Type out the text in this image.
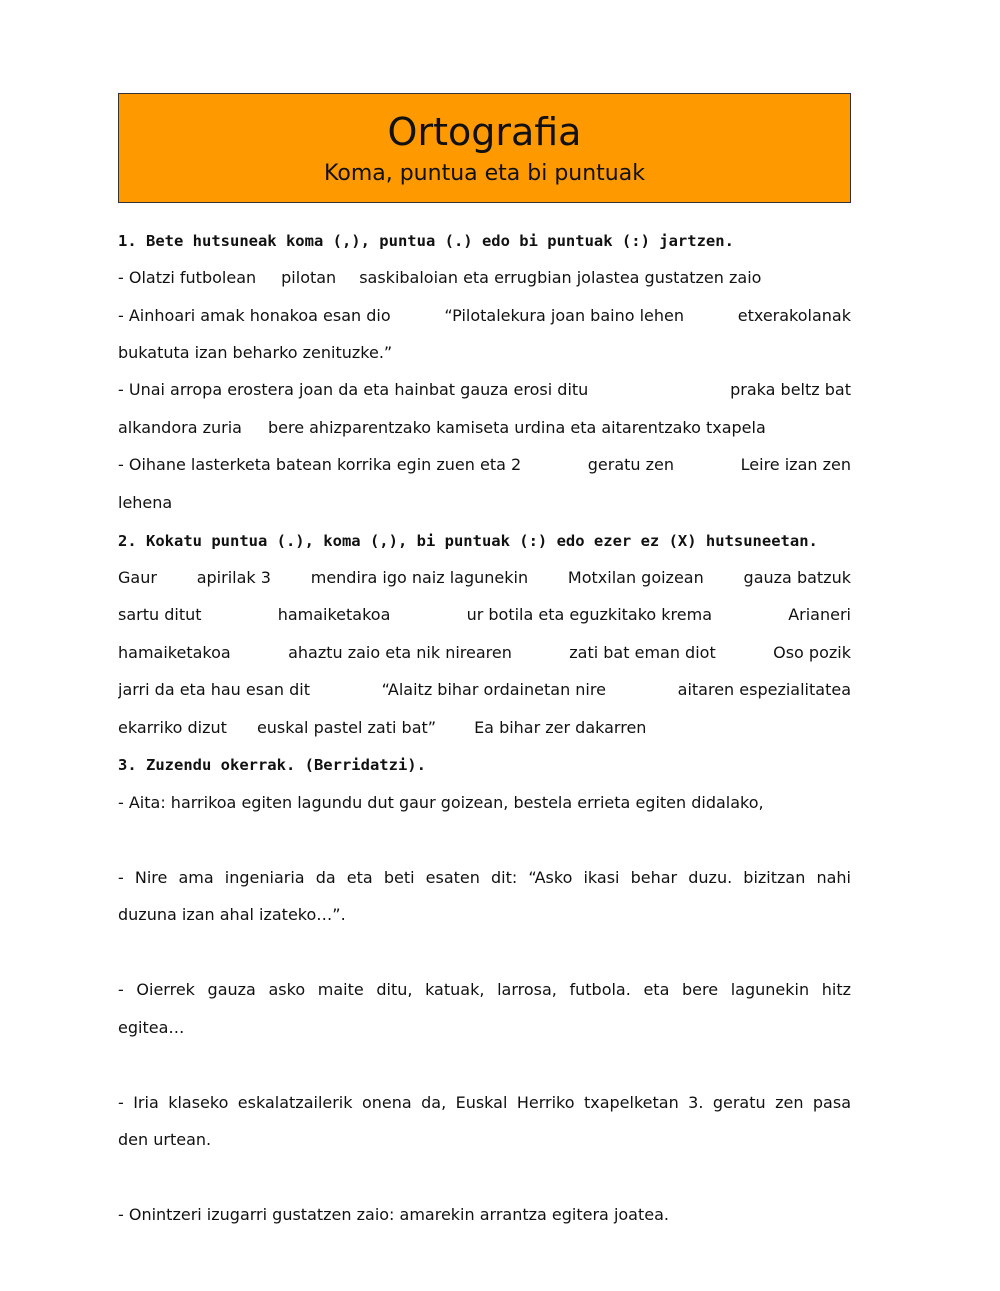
Ortografia
Koma, puntua eta bi puntuak
1. Bete hutsuneak koma (,), puntua (.) edo bi puntuak (:) jartzen.
- Olatzi futbolean pilotan saskibaloian eta errugbian jolastea gustatzen zaio
- Ainhoari amak honakoa esan dio	“Pilotalekura joan baino lehen	etxerakolanak
bukatuta izan beharko zenituzke.”
- Unai arropa erostera joan da eta hainbat gauza erosi ditu	praka beltz bat
alkandora zuria bere ahizparentzako kamiseta urdina eta aitarentzako txapela
- Oihane lasterketa batean korrika egin zuen eta 2	geratu zen	Leire izan zen
lehena
2. Kokatu puntua (.), koma (,), bi puntuak (:) edo ezer ez (X) hutsuneetan.
Gaur apirilak 3 mendira igo naiz lagunekin Motxilan goizean gauza batzuk
sartu ditut	hamaiketakoa	ur botila eta eguzkitako krema	Arianeri
hamaiketakoa	ahaztu zaio eta nik nirearen	zati bat eman diot	Oso pozik
jarri da eta hau esan dit	“Alaitz bihar ordainetan nire	aitaren espezialitatea
ekarriko dizut euskal pastel zati bat” Ea bihar zer dakarren
3. Zuzendu okerrak. (Berridatzi).
- Aita: harrikoa egiten lagundu dut gaur goizean, bestela errieta egiten didalako,
- Nire ama ingeniaria da eta beti esaten dit: “Asko ikasi behar duzu. bizitzan nahi
duzuna izan ahal izateko…”.
- Oierrek gauza asko maite ditu, katuak, larrosa, futbola. eta bere lagunekin hitz
egitea…
- Iria klaseko eskalatzailerik onena da, Euskal Herriko txapelketan 3. geratu zen pasa
den urtean.
- Onintzeri izugarri gustatzen zaio: amarekin arrantza egitera joatea.
